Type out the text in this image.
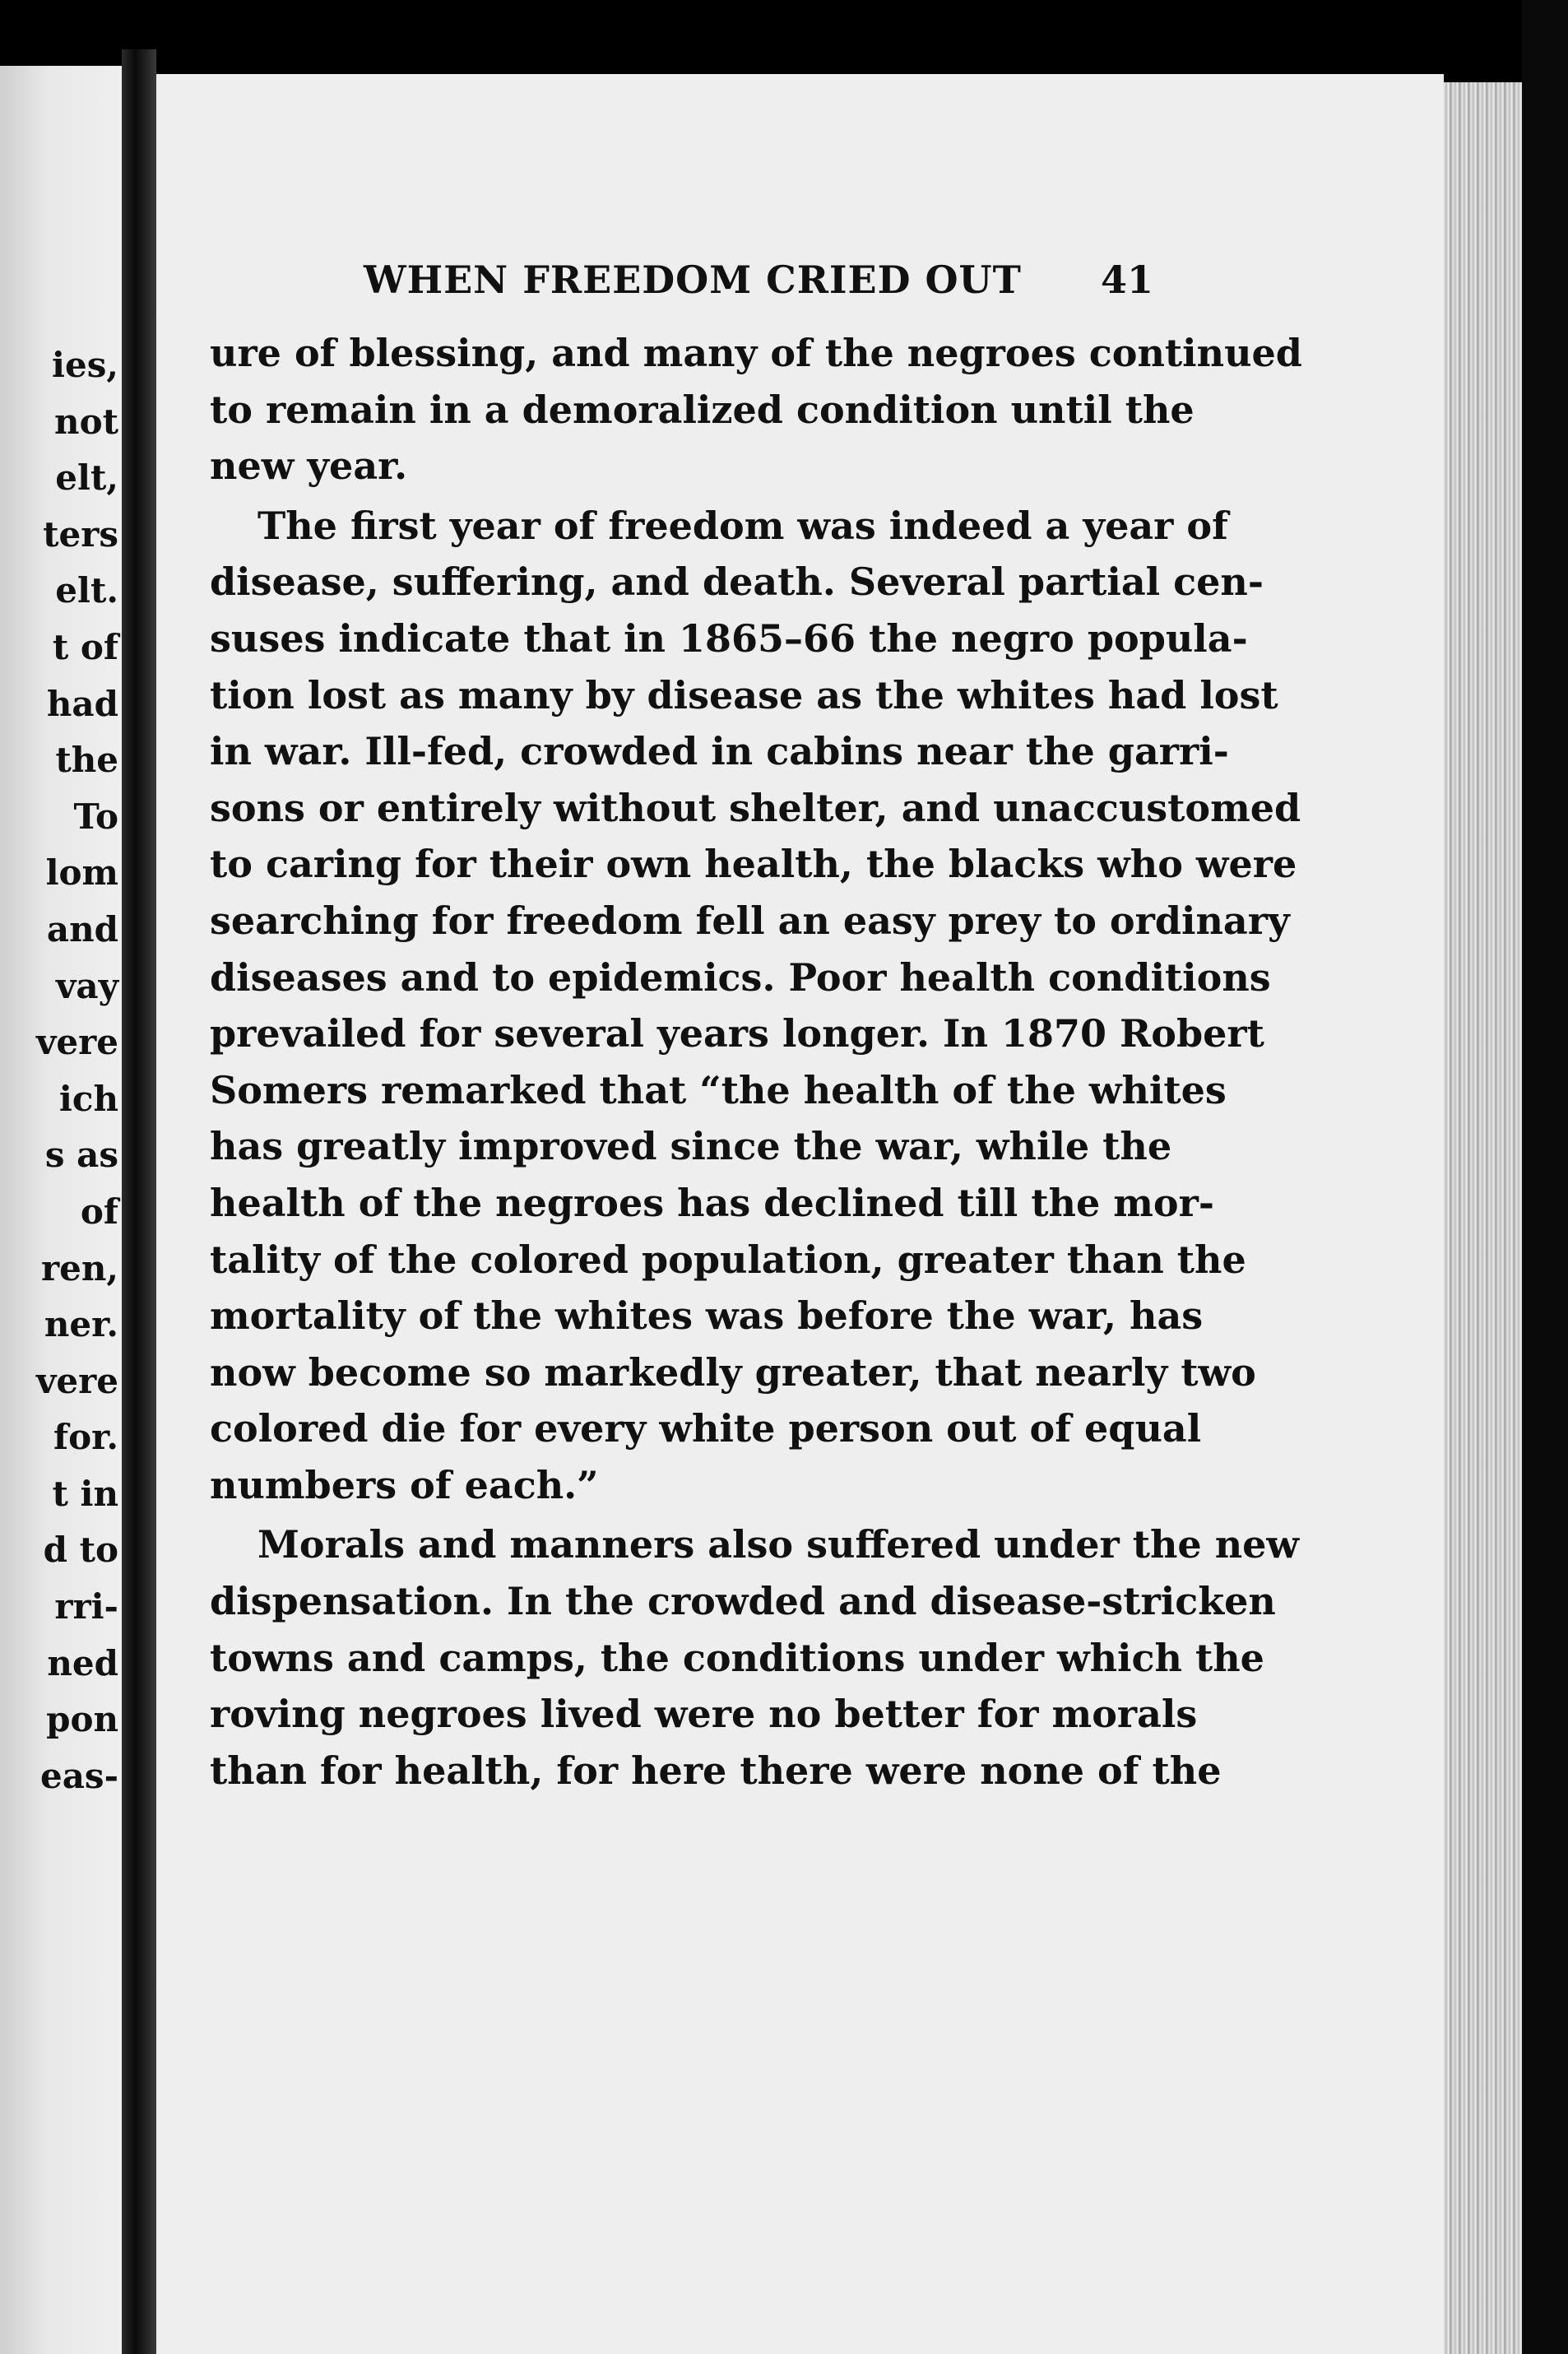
ies,
not
elt,
ters
elt.
t of
had
the
To
lom
and
vay
vere
ich
s as
of
ren,
ner.
vere
for.
t in
d to
rri-
ned
pon
eas-
WHEN FREEDOM CRIED OUT 41
ure of blessing, and many of the negroes continued
to remain in a demoralized condition until the
new year.
The first year of freedom was indeed a year of
disease, suffering, and death. Several partial cen-
suses indicate that in 1865–66 the negro popula-
tion lost as many by disease as the whites had lost
in war. Ill-fed, crowded in cabins near the garri-
sons or entirely without shelter, and unaccustomed
to caring for their own health, the blacks who were
searching for freedom fell an easy prey to ordinary
diseases and to epidemics. Poor health conditions
prevailed for several years longer. In 1870 Robert
Somers remarked that “the health of the whites
has greatly improved since the war, while the
health of the negroes has declined till the mor-
tality of the colored population, greater than the
mortality of the whites was before the war, has
now become so markedly greater, that nearly two
colored die for every white person out of equal
numbers of each.”
Morals and manners also suffered under the new
dispensation. In the crowded and disease-stricken
towns and camps, the conditions under which the
roving negroes lived were no better for morals
than for health, for here there were none of the
